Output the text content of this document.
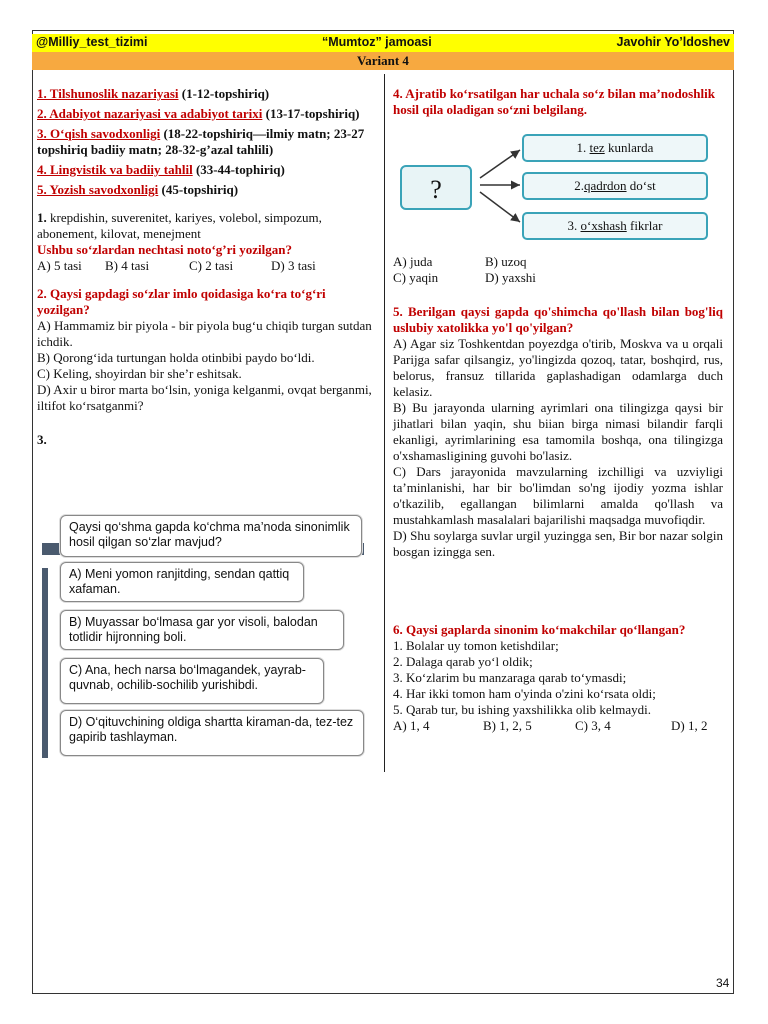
@Milliy_test_tizimi	“Mumtoz” jamoasi	Javohir Yo’ldoshev
Variant 4

1. Tilshunoslik nazariyasi (1-12-topshiriq)

2. Adabiyot nazariyasi va adabiyot tarixi (13-17-topshiriq)

3. O‘qish savodxonligi (18-22-topshiriq—ilmiy matn; 23-27 topshiriq badiiy matn; 28-32-g’azal tahlili)

4. Lingvistik va badiiy tahlil (33-44-tophiriq)

5. Yozish savodxonligi (45-topshiriq)

1. krepdishin, suverenitet, kariyes, volebol, simpozum, abonement, kilovat, menejment

Ushbu so‘zlardan nechtasi noto‘g’ri yozilgan?

A) 5 tasi	B) 4 tasi	C) 2 tasi	D) 3 tasi

2. Qaysi gapdagi so‘zlar imlo qoidasiga ko‘ra to‘g‘ri yozilgan?

A) Hammamiz bir piyola - bir piyola bug‘u chiqib turgan sutdan ichdik.

B) Qorong‘ida turtungan holda otinbibi paydo bo‘ldi.

C) Keling, shoyirdan bir she’r eshitsak.

D) Axir u biror marta bo‘lsin, yoniga kelganmi, ovqat berganmi, iltifot ko‘rsatganmi?

3.

Qaysi qo‘shma gapda ko‘chma ma’noda sinonimlik hosil qilgan so‘zlar mavjud?
A) Meni yomon ranjitding, sendan qattiq xafaman.
B) Muyassar bo‘lmasa gar yor visoli, balodan totlidir hijronning boli.
C) Ana, hech narsa bo‘lmagandek, yayrab-quvnab, ochilib-sochilib yurishibdi.
D) O‘qituvchining oldiga shartta kiraman-da, tez-tez gapirib tashlayman.

4. Ajratib ko‘rsatilgan har uchala so‘z bilan ma’nodoshlik hosil qila oladigan so‘zni belgilang.

?
1. tez kunlarda
2.qadrdon do‘st
3. o‘xshash fikrlar

A) juda	B) uzoq

C) yaqin	D) yaxshi

5. Berilgan qaysi gapda qo'shimcha qo'llash bilan bog'liq uslubiy xatolikka yo'l qo'yilgan?

A) Agar siz Toshkentdan poyezdga o'tirib, Moskva va u orqali Parijga safar qilsangiz, yo'lingizda qozoq, tatar, boshqird, rus, belorus, fransuz tillarida gaplashadigan odamlarga duch kelasiz.

B) Bu jarayonda ularning ayrimlari ona tilingizga qaysi bir jihatlari bilan yaqin, shu biian birga nimasi bilandir farqli ekanligi, ayrimlarining esa tamomila boshqa, ona tilingizga o'xshamasligining guvohi bo'lasiz.

C) Dars jarayonida mavzularning izchilligi va uzviyligi ta’minlanishi, har bir bo'limdan so'ng ijodiy yozma ishlar o'tkazilib, egallangan bilimlarni amalda qo'llash va mustahkamlash masalalari bajarilishi maqsadga muvofiqdir.

D) Shu soylarga suvlar urgil yuzingga sen, Bir bor nazar solgin bosgan izingga sen.

6. Qaysi gaplarda sinonim ko‘makchilar qo‘llangan?

1. Bolalar uy tomon ketishdilar;

2. Dalaga qarab yo‘l oldik;

3. Ko‘zlarim bu manzaraga qarab to‘ymasdi;

4. Har ikki tomon ham o'yinda o'zini ko‘rsata oldi;

5. Qarab tur, bu ishing yaxshilikka olib kelmaydi.

A) 1, 4	B) 1, 2, 5	C) 3, 4	D) 1, 2

34
